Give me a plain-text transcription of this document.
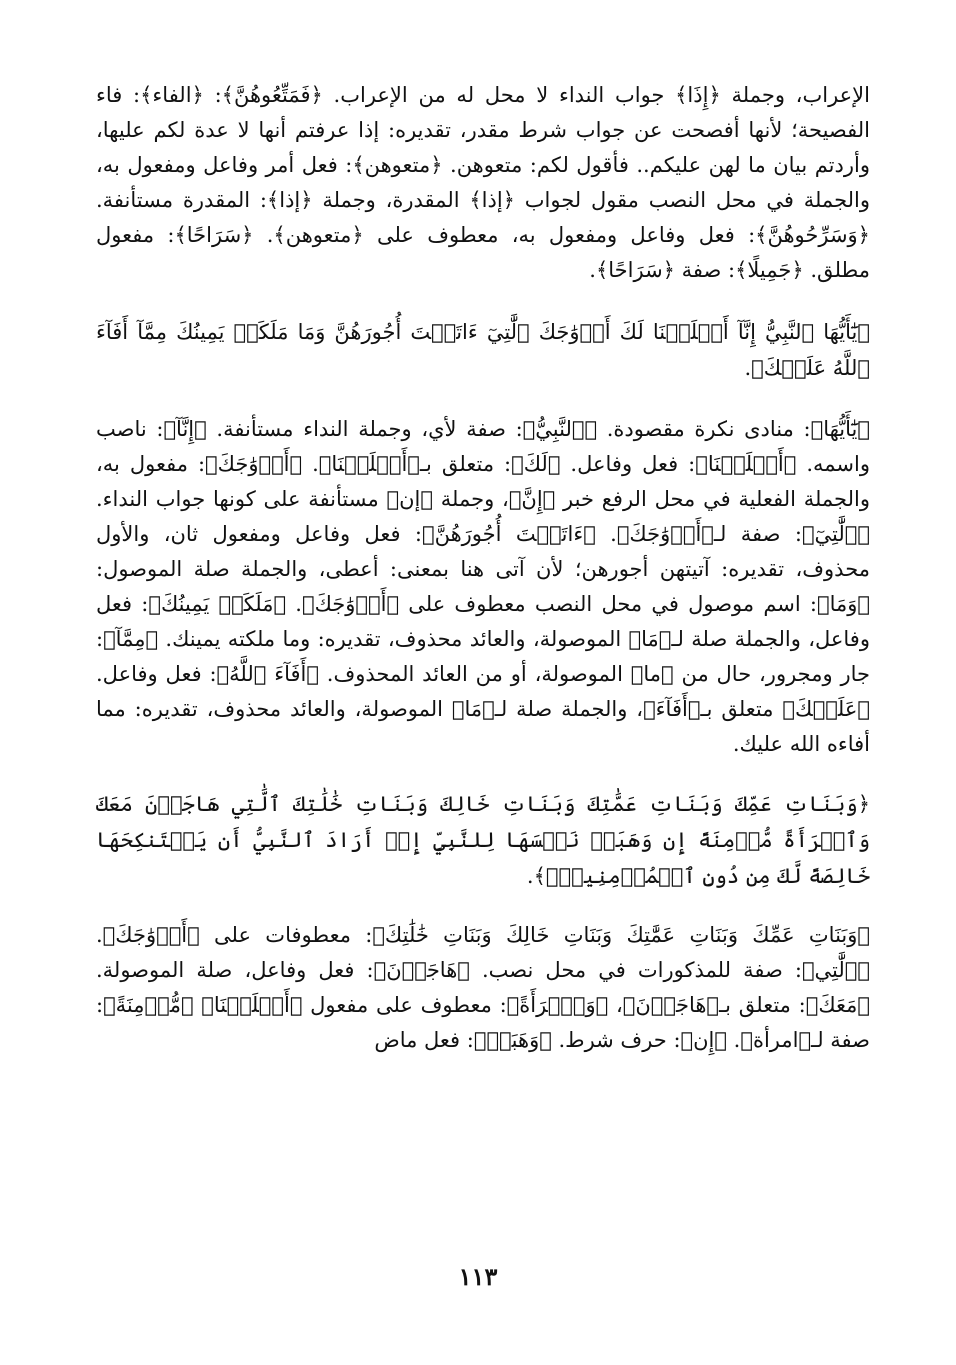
الإعراب، وجملة ﴿إِذَا﴾ جواب النداء لا محل له من الإعراب. ﴿فَمَتِّعُوهُنَّ﴾: ﴿الفاء﴾: فاء الفصيحة؛ لأنها أفصحت عن جواب شرط مقدر، تقديره: إذا عرفتم أنها لا عدة لكم عليها، وأردتم بيان ما لهن عليكم.. فأقول لكم: متعوهن. ﴿متعوهن﴾: فعل أمر وفاعل ومفعول به، والجملة في محل النصب مقول لجواب ﴿إذا﴾ المقدرة، وجملة ﴿إذا﴾: المقدرة مستأنفة. ﴿وَسَرِّحُوهُنَّ﴾: فعل وفاعل ومفعول به، معطوف على ﴿متعوهن﴾. ﴿سَرَاحًا﴾: مفعول مطلق. ﴿جَمِيلًا﴾: صفة ﴿سَرَاحًا﴾.

﴿يَٰٓأَيُّهَا ٱلنَّبِيُّ إِنَّآ أَحۡلَلۡنَا لَكَ أَزۡوَٰجَكَ ٱلَّٰتِيٓ ءَاتَيۡتَ أُجُورَهُنَّ وَمَا مَلَكَتۡ يَمِينُكَ مِمَّآ أَفَآءَ ٱللَّهُ عَلَيۡكَ﴾.

﴿يَٰٓأَيُّهَا﴾: منادى نكرة مقصودة. ﴿ٱلنَّبِيُّ﴾: صفة لأي، وجملة النداء مستأنفة. ﴿إِنَّآ﴾: ناصب واسمه. ﴿أَحۡلَلۡنَا﴾: فعل وفاعل. ﴿لَكَ﴾: متعلق بـ﴿أَحۡلَلۡنَا﴾. ﴿أَزۡوَٰجَكَ﴾: مفعول به، والجملة الفعلية في محل الرفع خبر ﴿إِنَّ﴾، وجملة ﴿إن﴾ مستأنفة على كونها جواب النداء. ﴿ٱلَّٰتِيٓ﴾: صفة لـ﴿أَزۡوَٰجَكَ﴾. ﴿ءَاتَيۡتَ أُجُورَهُنَّ﴾: فعل وفاعل ومفعول ثان، والأول محذوف، تقديره: آتيتهن أجورهن؛ لأن آتى هنا بمعنى: أعطى، والجملة صلة الموصول: ﴿وَمَا﴾: اسم موصول في محل النصب معطوف على ﴿أَزۡوَٰجَكَ﴾. ﴿مَلَكَتۡ يَمِينُكَ﴾: فعل وفاعل، والجملة صلة لـ﴿مَا﴾ الموصولة، والعائد محذوف، تقديره: وما ملكته يمينك. ﴿مِمَّآ﴾: جار ومجرور، حال من ﴿ما﴾ الموصولة، أو من العائد المحذوف. ﴿أَفَآءَ ٱللَّهُ﴾: فعل وفاعل. ﴿عَلَيۡكَ﴾ متعلق بـ﴿أَفَآءَ﴾، والجملة صلة لـ﴿مَا﴾ الموصولة، والعائد محذوف، تقديره: مما أفاءه الله عليك.

﴿وَبَنَاتِ عَمِّكَ وَبَنَاتِ عَمَّٰتِكَ وَبَنَاتِ خَالِكَ وَبَنَاتِ خَٰلَٰتِكَ ٱلَّٰتِي هَاجَرۡنَ مَعَكَ وَٱمۡرَأَةً مُّؤۡمِنَةً إِن وَهَبَتۡ نَفۡسَهَا لِلنَّبِيِّ إِنۡ أَرَادَ ٱلنَّبِيُّ أَن يَسۡتَنكِحَهَا خَالِصَةً لَّكَ مِن دُونِ ٱلۡمُؤۡمِنِينَۗ﴾.

﴿وَبَنَاتِ عَمِّكَ وَبَنَاتِ عَمَّٰتِكَ وَبَنَاتِ خَالِكَ وَبَنَاتِ خَٰلَٰتِكَ﴾: معطوفات على ﴿أَزۡوَٰجَكَ﴾. ﴿ٱلَّٰتِي﴾: صفة للمذكورات في محل نصب. ﴿هَاجَرۡنَ﴾: فعل وفاعل، صلة الموصولة. ﴿مَعَكَ﴾: متعلق بـ﴿هَاجَرۡنَ﴾، ﴿وَٱمۡرَأَةً﴾: معطوف على مفعول ﴿أَحۡلَلۡنَا﴾ ﴿مُّؤۡمِنَةً﴾: صفة لـ﴿امرأة﴾. ﴿إِن﴾: حرف شرط. ﴿وَهَبَتۡ﴾: فعل ماض

١١٣
